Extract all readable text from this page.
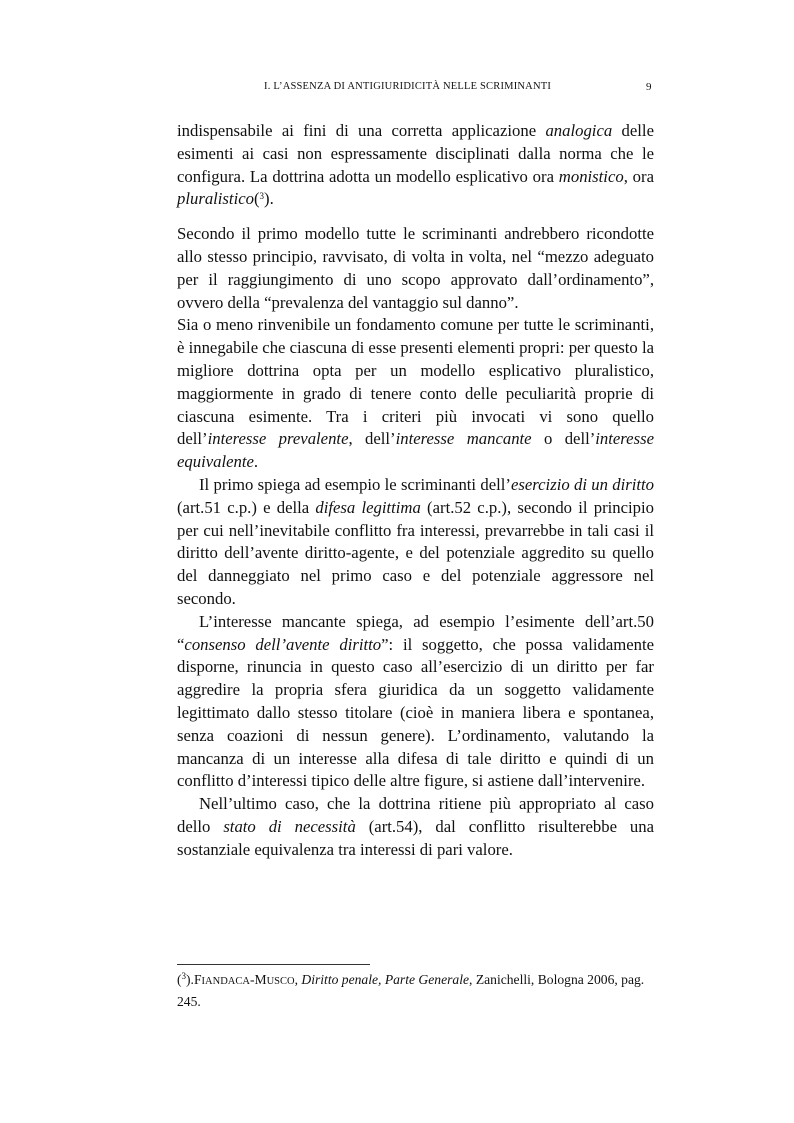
I. L’ASSENZA DI ANTIGIURIDICITÀ NELLE SCRIMINANTI	9

indispensabile ai fini di una corretta applicazione analogica delle esimenti ai casi non espressamente disciplinati dalla norma che le configura. La dottrina adotta un modello esplicativo ora monistico, ora pluralistico($^3$).

Secondo il primo modello tutte le scriminanti andrebbero ricondotte allo stesso principio, ravvisato, di volta in volta, nel “mezzo adeguato per il raggiungimento di uno scopo approvato dall’ordinamento”, ovvero della “prevalenza del vantaggio sul danno”.

Sia o meno rinvenibile un fondamento comune per tutte le scriminanti, è innegabile che ciascuna di esse presenti elementi propri: per questo la migliore dottrina opta per un modello esplicativo pluralistico, maggiormente in grado di tenere conto delle peculiarità proprie di ciascuna esimente. Tra i criteri più invocati vi sono quello dell’interesse prevalente, dell’interesse mancante o dell’interesse equivalente.

Il primo spiega ad esempio le scriminanti dell’esercizio di un diritto (art.51 c.p.) e della difesa legittima (art.52 c.p.), secondo il principio per cui nell’inevitabile conflitto fra interessi, prevarrebbe in tali casi il diritto dell’avente diritto-agente, e del potenziale aggredito su quello del danneggiato nel primo caso e del potenziale aggressore nel secondo.

L’interesse mancante spiega, ad esempio l’esimente dell’art.50 “consenso dell’avente diritto”: il soggetto, che possa validamente disporne, rinuncia in questo caso all’esercizio di un diritto per far aggredire la propria sfera giuridica da un soggetto validamente legittimato dallo stesso titolare (cioè in maniera libera e spontanea, senza coazioni di nessun genere). L’ordinamento, valutando la mancanza di un interesse alla difesa di tale diritto e quindi di un conflitto d’interessi tipico delle altre figure, si astiene dall’intervenire.

Nell’ultimo caso, che la dottrina ritiene più appropriato al caso dello stato di necessità (art.54), dal conflitto risulterebbe una sostanziale equivalenza tra interessi di pari valore.

($^3$).FIANDACA-MUSCO, Diritto penale, Parte Generale, Zanichelli, Bologna 2006, pag. 245.
